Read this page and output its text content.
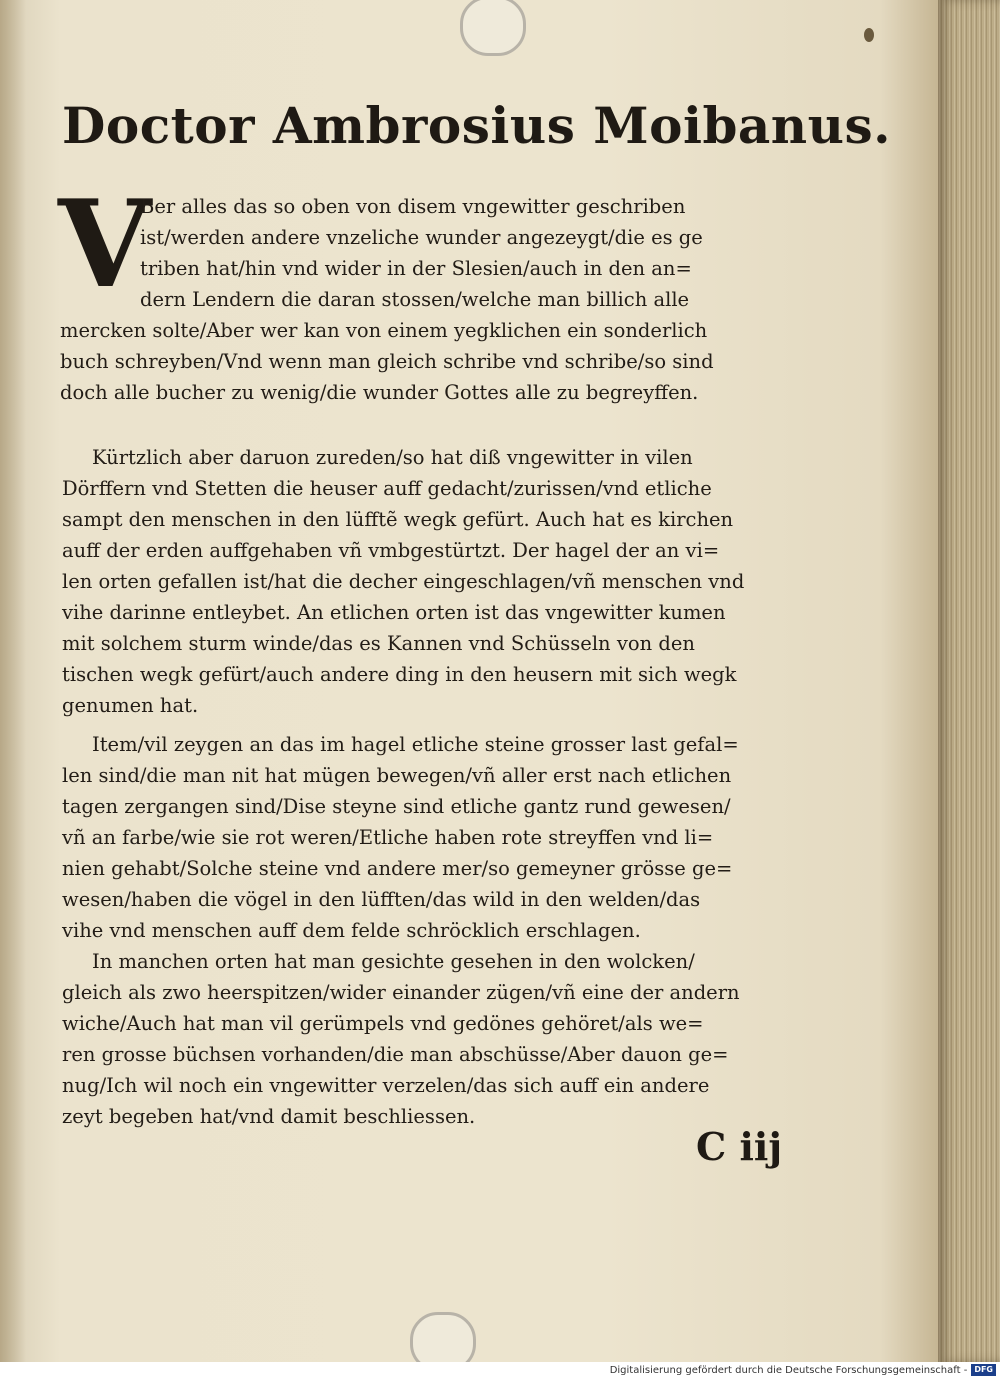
Doctor Ambrosius Moibanus.
V
Ber alles das so oben von disem vngewitter geschriben
ist/werden andere vnzeliche wunder angezeygt/die es ge
triben hat/hin vnd wider in der Slesien/auch in den an=
dern Lendern die daran stossen/welche man billich alle
mercken solte/Aber wer kan von einem yegklichen ein sonderlich
buch schreyben/Vnd wenn man gleich schribe vnd schribe/so sind
doch alle bucher zu wenig/die wunder Gottes alle zu begreyffen.
Kürtzlich aber daruon zureden/so hat diß vngewitter in vilen
Dörffern vnd Stetten die heuser auff gedacht/zurissen/vnd etliche
sampt den menschen in den lüfftẽ wegk gefürt. Auch hat es kirchen
auff der erden auffgehaben vñ vmbgestürtzt. Der hagel der an vi=
len orten gefallen ist/hat die decher eingeschlagen/vñ menschen vnd
vihe darinne entleybet. An etlichen orten ist das vngewitter kumen
mit solchem sturm winde/das es Kannen vnd Schüsseln von den
tischen wegk gefürt/auch andere ding in den heusern mit sich wegk
genumen hat.
Item/vil zeygen an das im hagel etliche steine grosser last gefal=
len sind/die man nit hat mügen bewegen/vñ aller erst nach etlichen
tagen zergangen sind/Dise steyne sind etliche gantz rund gewesen/
vñ an farbe/wie sie rot weren/Etliche haben rote streyffen vnd li=
nien gehabt/Solche steine vnd andere mer/so gemeyner grösse ge=
wesen/haben die vögel in den lüfften/das wild in den welden/das
vihe vnd menschen auff dem felde schröcklich erschlagen.
In manchen orten hat man gesichte gesehen in den wolcken/
gleich als zwo heerspitzen/wider einander zügen/vñ eine der andern
wiche/Auch hat man vil gerümpels vnd gedönes gehöret/als we=
ren grosse büchsen vorhanden/die man abschüsse/Aber dauon ge=
nug/Ich wil noch ein vngewitter verzelen/das sich auff ein andere
zeyt begeben hat/vnd damit beschliessen.
C iij
Digitalisierung gefördert durch die Deutsche Forschungsgemeinschaft - DFG
